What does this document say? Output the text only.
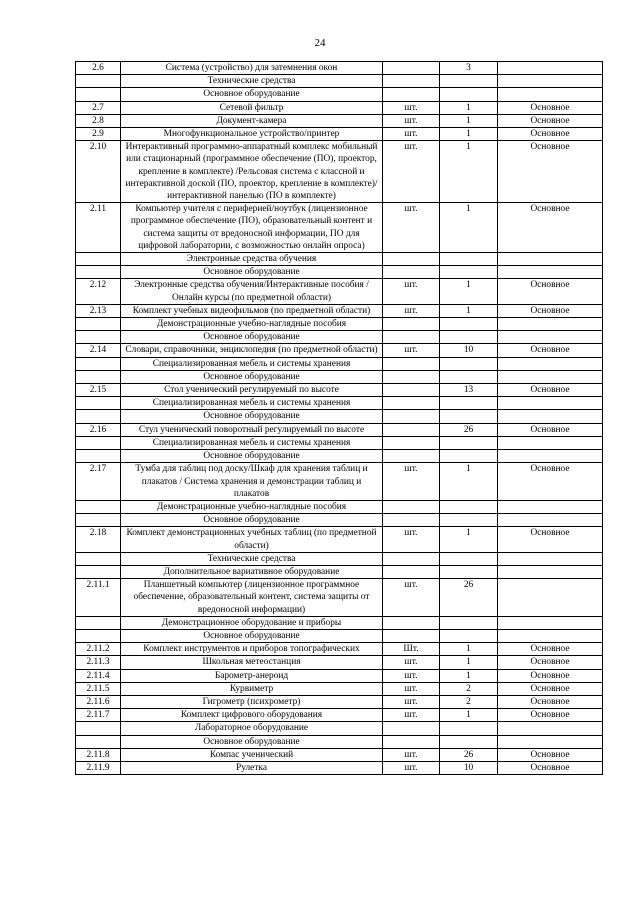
24
2.6	Система (устройство) для затемнения окон		3	
	Технические средства			
	Основное оборудование			
2.7	Сетевой фильтр	шт.	1	Основное
2.8	Документ-камера	шт.	1	Основное
2.9	Многофункциональное устройство/принтер	шт.	1	Основное
2.10	Интерактивный программно-аппаратный комплекс мобильный или стационарный (программное обеспечение (ПО), проектор, крепление в комплекте) /Рельсовая система с классной и интерактивной доской (ПО, проектор, крепление в комплекте)/ интерактивной панелью (ПО в комплекте)	шт.	1	Основное
2.11	Компьютер учителя с периферией/ноутбук (лицензионное программное обеспечение (ПО), образовательный контент и система защиты от вредоносной информации, ПО для цифровой лаборатории, с возможностью онлайн опроса)	шт.	1	Основное
	Электронные средства обучения			
	Основное оборудование			
2.12	Электронные средства обучения/Интерактивные пособия / Онлайн курсы (по предметной области)	шт.	1	Основное
2.13	Комплект учебных видеофильмов (по предметной области)	шт.	1	Основное
	Демонстрационные учебно-наглядные пособия			
	Основное оборудование			
2.14	Словари, справочники, энциклопедия (по предметной области)	шт.	10	Основное
	Специализированная мебель и системы хранения			
	Основное оборудование			
2.15	Стол ученический регулируемый по высоте		13	Основное
	Специализированная мебель и системы хранения			
	Основное оборудование			
2.16	Стул ученический поворотный регулируемый по высоте		26	Основное
	Специализированная мебель и системы хранения			
	Основное оборудование			
2.17	Тумба для таблиц под доску/Шкаф для хранения таблиц и плакатов / Система хранения и демонстрации таблиц и плакатов	шт.	1	Основное
	Демонстрационные учебно-наглядные пособия			
	Основное оборудование			
2.18	Комплект демонстрационных учебных таблиц (по предметной области)	шт.	1	Основное
	Технические средства			
	Дополнительное вариативное оборудование			
2.11.1	Планшетный компьютер (лицензионное программное обеспечение, образовательный контент, система защиты от вредоносной информации)	шт.	26	
	Демонстрационное оборудование и приборы			
	Основное оборудование			
2.11.2	Комплект инструментов и приборов топографических	Шт.	1	Основное
2.11.3	Школьная метеостанция	шт.	1	Основное
2.11.4	Барометр-анероид	шт.	1	Основное
2.11.5	Курвиметр	шт.	2	Основное
2.11.6	Гигрометр (психрометр)	шт.	2	Основное
2.11.7	Комплект цифрового оборудования	шт.	1	Основное
	Лабораторное оборудование			
	Основное оборудование			
2.11.8	Компас ученический	шт.	26	Основное
2.11.9	Рулетка	шт.	10	Основное
